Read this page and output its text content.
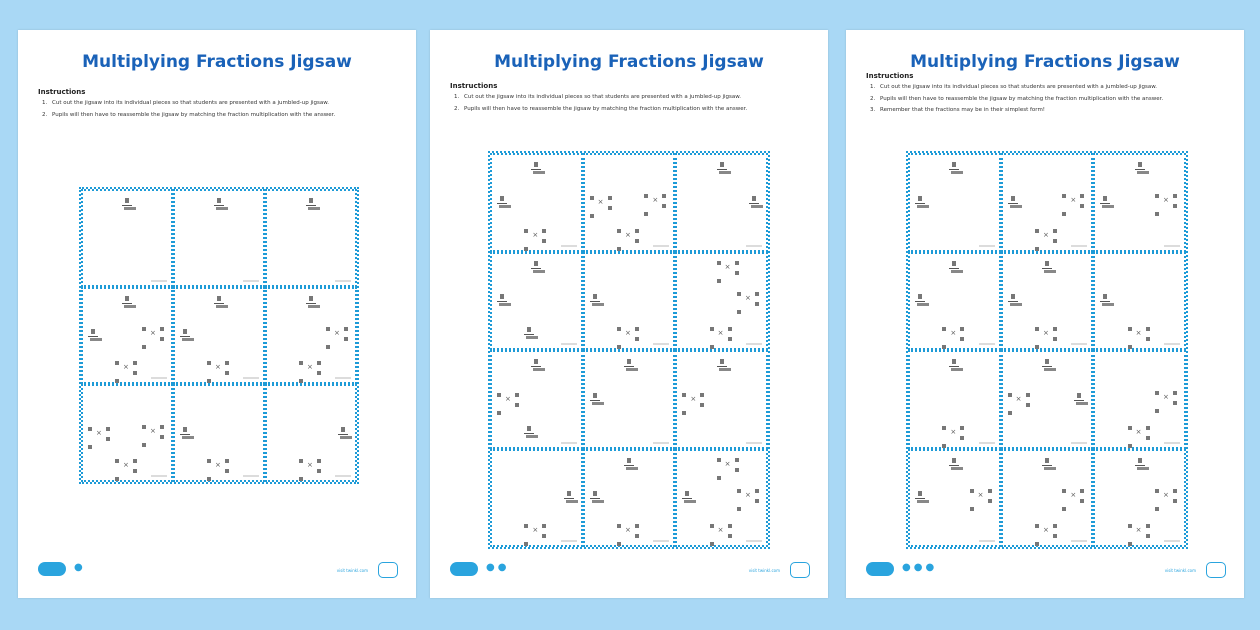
Multiplying Fractions Jigsaw
Instructions
1. Cut out the jigsaw into its individual pieces so that students are presented with a jumbled-up jigsaw.
2. Pupils will then have to reassemble the jigsaw by matching the fraction multiplication with the answer.
×
×
×
×
×
×
×
×
×
×
●	visit twinkl.com
Multiplying Fractions Jigsaw
Instructions
1. Cut out the jigsaw into its individual pieces so that students are presented with a jumbled-up jigsaw.
2. Pupils will then have to reassemble the jigsaw by matching the fraction multiplication with the answer.
×
×
×
×
×
×
×
×
×
×
×
×
×
×
×
●●	visit twinkl.com
Multiplying Fractions Jigsaw
Instructions
1. Cut out the jigsaw into its individual pieces so that students are presented with a jumbled-up jigsaw.
2. Pupils will then have to reassemble the jigsaw by matching the fraction multiplication with the answer.
3. Remember that the fractions may be in their simplest form!
×
×
×
×
×
×
×
×
×
×
×
×
×
×
×
●●●	visit twinkl.com
